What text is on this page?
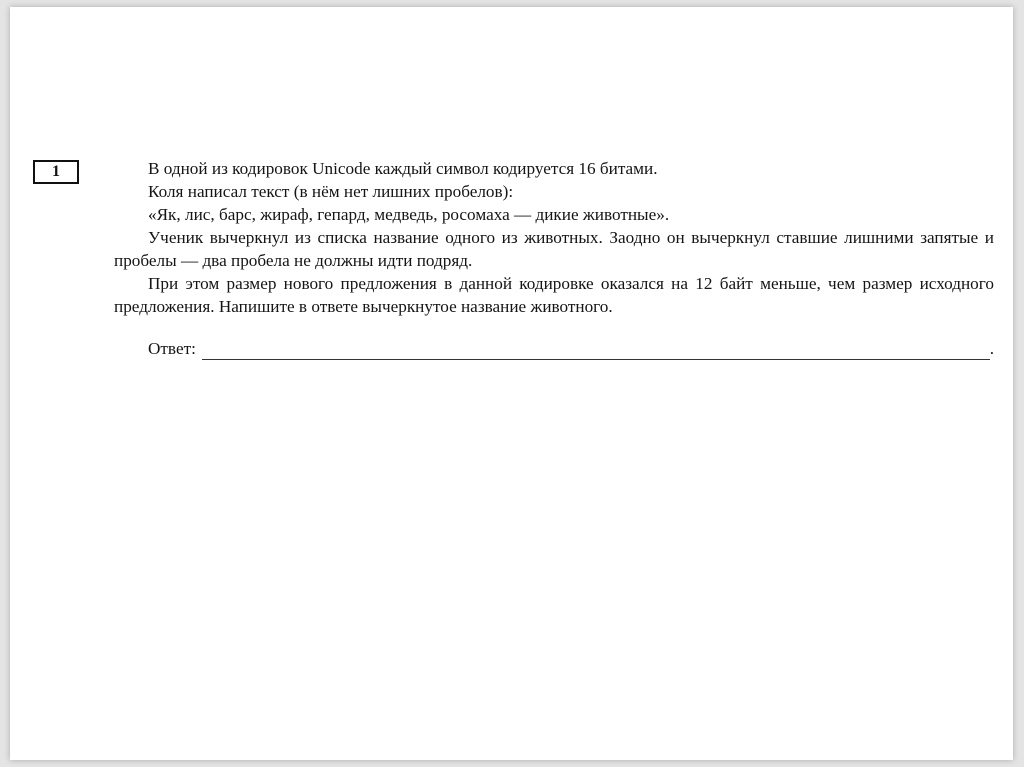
1	В одной из кодировок Unicode каждый символ кодируется 16 битами.

Коля написал текст (в нём нет лишних пробелов):

«Як, лис, барс, жираф, гепард, медведь, росомаха — дикие животные».

Ученик вычеркнул из списка название одного из животных. Заодно он вычеркнул ставшие лишними запятые и пробелы — два пробела не должны идти подряд.

При этом размер нового предложения в данной кодировке оказался на 12 байт меньше, чем размер исходного предложения. Напишите в ответе вычеркнутое название животного.

Ответ:	.
